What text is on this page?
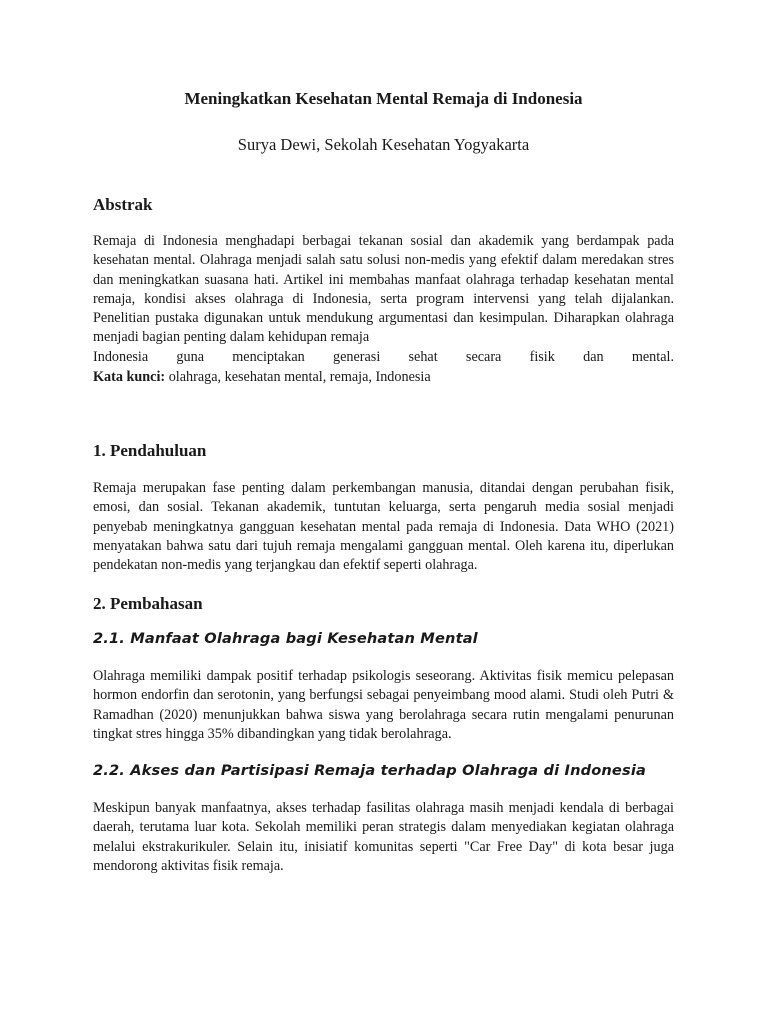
Meningkatkan Kesehatan Mental Remaja di Indonesia

Surya Dewi, Sekolah Kesehatan Yogyakarta

Abstrak

Remaja di Indonesia menghadapi berbagai tekanan sosial dan akademik yang berdampak pada kesehatan mental. Olahraga menjadi salah satu solusi non-medis yang efektif dalam meredakan stres dan meningkatkan suasana hati. Artikel ini membahas manfaat olahraga terhadap kesehatan mental remaja, kondisi akses olahraga di Indonesia, serta program intervensi yang telah dijalankan. Penelitian pustaka digunakan untuk mendukung argumentasi dan kesimpulan. Diharapkan olahraga menjadi bagian penting dalam kehidupan remaja
Indonesia guna menciptakan generasi sehat secara fisik dan mental.

Kata kunci: olahraga, kesehatan mental, remaja, Indonesia

1. Pendahuluan

Remaja merupakan fase penting dalam perkembangan manusia, ditandai dengan perubahan fisik, emosi, dan sosial. Tekanan akademik, tuntutan keluarga, serta pengaruh media sosial menjadi penyebab meningkatnya gangguan kesehatan mental pada remaja di Indonesia. Data WHO (2021) menyatakan bahwa satu dari tujuh remaja mengalami gangguan mental. Oleh karena itu, diperlukan pendekatan non-medis yang terjangkau dan efektif seperti olahraga.

2. Pembahasan
2.1. Manfaat Olahraga bagi Kesehatan Mental

Olahraga memiliki dampak positif terhadap psikologis seseorang. Aktivitas fisik memicu pelepasan hormon endorfin dan serotonin, yang berfungsi sebagai penyeimbang mood alami. Studi oleh Putri & Ramadhan (2020) menunjukkan bahwa siswa yang berolahraga secara rutin mengalami penurunan tingkat stres hingga 35% dibandingkan yang tidak berolahraga.

2.2. Akses dan Partisipasi Remaja terhadap Olahraga di Indonesia

Meskipun banyak manfaatnya, akses terhadap fasilitas olahraga masih menjadi kendala di berbagai daerah, terutama luar kota. Sekolah memiliki peran strategis dalam menyediakan kegiatan olahraga melalui ekstrakurikuler. Selain itu, inisiatif komunitas seperti "Car Free Day" di kota besar juga mendorong aktivitas fisik remaja.
